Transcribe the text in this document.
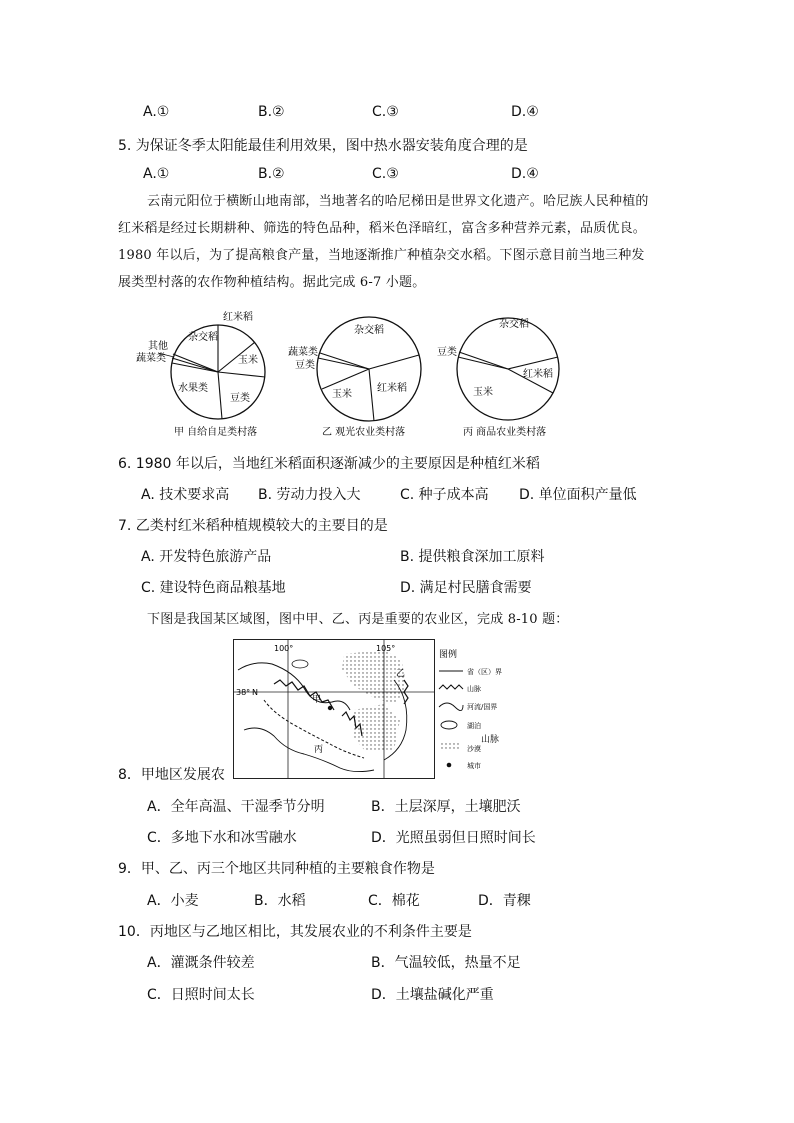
A.①	B.②	C.③	D.④
5. 为保证冬季太阳能最佳利用效果，图中热水器安装角度合理的是
A.①	B.②	C.③	D.④
云南元阳位于横断山地南部，当地著名的哈尼梯田是世界文化遗产。哈尼族人民种植的
红米稻是经过长期耕种、筛选的特色品种，稻米色泽暗红，富含多种营养元素，品质优良。
1980 年以后，为了提高粮食产量，当地逐渐推广种植杂交水稻。下图示意目前当地三种发
展类型村落的农作物种植结构。据此完成 6-7 小题。
杂交稻
红米稻
玉米
豆类
水果类
其他
蔬菜类
甲 自给自足类村落
杂交稻
红米稻
玉米
豆类
蔬菜类
乙 观光农业类村落
杂交稻
红米稻
玉米
豆类
丙 商品农业类村落
6. 1980 年以后，当地红米稻面积逐渐减少的主要原因是种植红米稻
A. 技术要求高 B. 劳动力投入大	C. 种子成本高 D. 单位面积产量低
7. 乙类村红米稻种植规模较大的主要目的是
A. 开发特色旅游产品	B. 提供粮食深加工原料
C. 建设特色商品粮基地	D. 满足村民膳食需要
下图是我国某区域图，图中甲、乙、丙是重要的农业区，完成 8-10 题：
100°	105°
38° N
甲
乙
丙
图例
省（区）界
山脉
河流/国界
湖泊
山脉
沙漠
城市
8．甲地区发展农
A．全年高温、干湿季节分明	B．土层深厚，土壤肥沃
C．多地下水和冰雪融水	D．光照虽弱但日照时间长
9．甲、乙、丙三个地区共同种植的主要粮食作物是
A．小麦	B．水稻	C．棉花	D．青稞
10．丙地区与乙地区相比，其发展农业的不利条件主要是
A．灌溉条件较差	B．气温较低，热量不足
C．日照时间太长	D．土壤盐碱化严重
